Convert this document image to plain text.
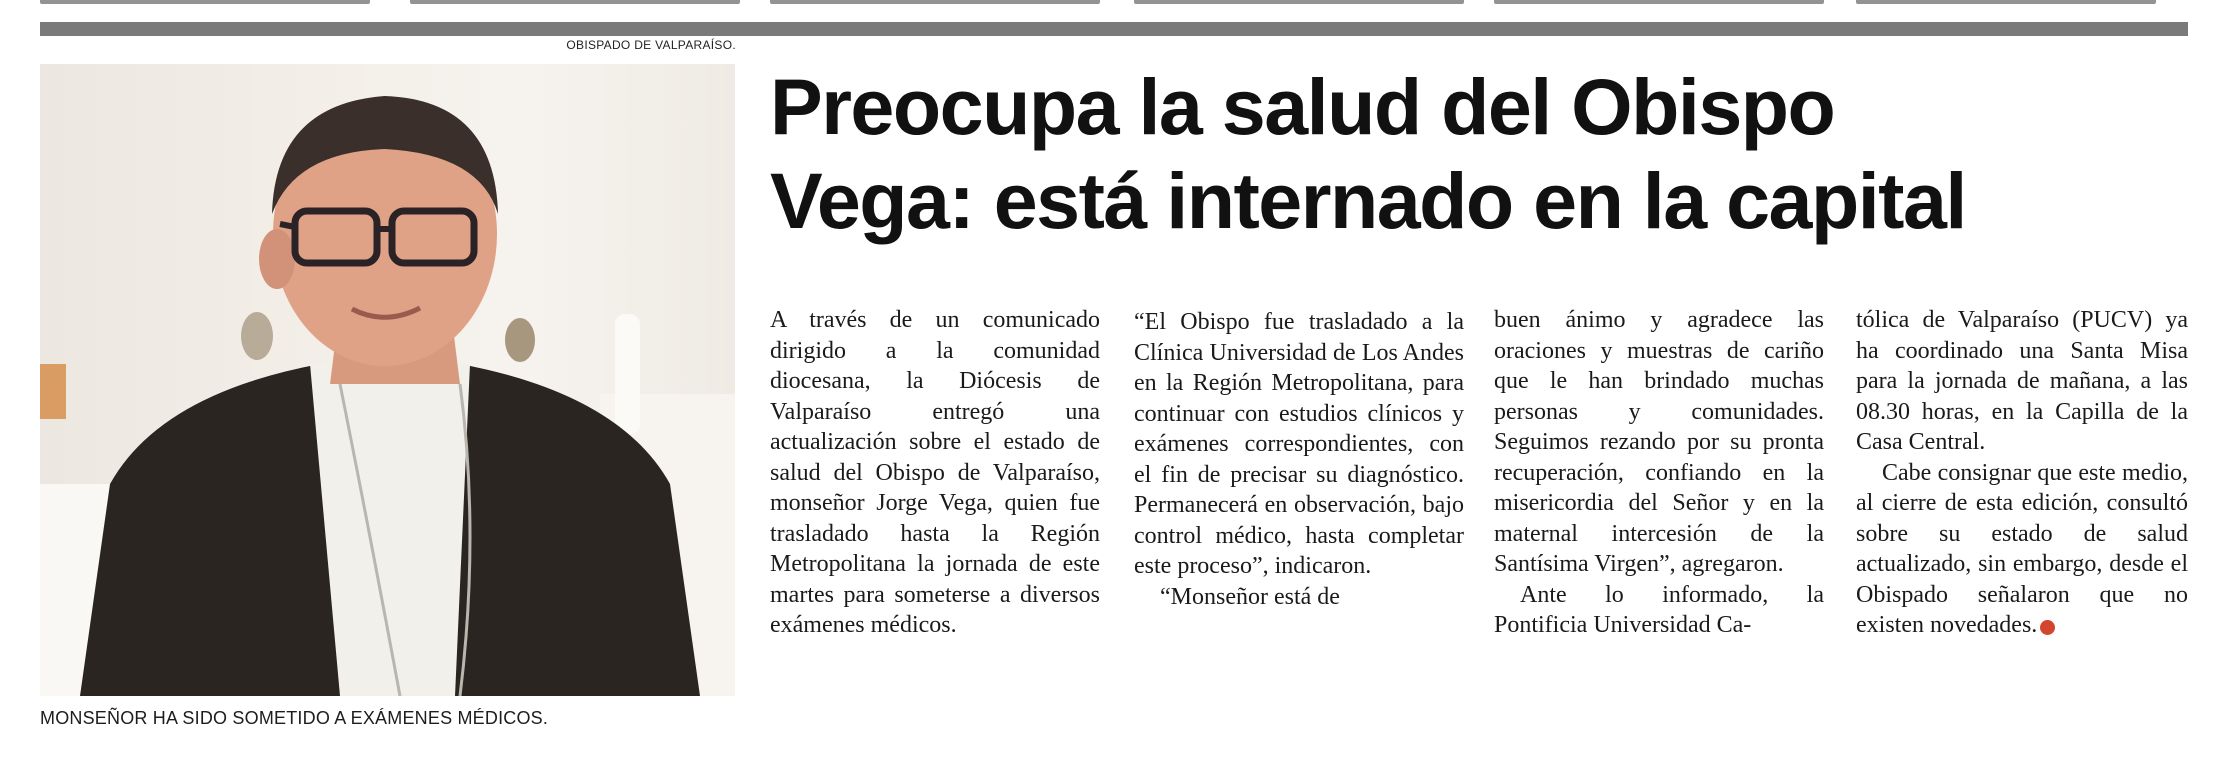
OBISPADO DE VALPARAÍSO.
MONSEÑOR HA SIDO SOMETIDO A EXÁMENES MÉDICOS.
Preocupa la salud del Obispo
Vega: está internado en la capital

A través de un comunicado dirigido a la comunidad diocesana, la Diócesis de Valparaíso entregó una actualización sobre el estado de salud del Obispo de Valparaíso, monseñor Jorge Vega, quien fue trasladado hasta la Región Metropolitana la jornada de este martes para someterse a diversos exámenes médicos.

“El Obispo fue trasladado a la Clínica Universidad de Los Andes en la Región Metropolitana, para continuar con estudios clínicos y exámenes correspondientes, con el fin de precisar su diagnóstico. Permanecerá en observación, bajo control médico, hasta completar este proceso”, indicaron.

“Monseñor está de

buen ánimo y agradece las oraciones y muestras de cariño que le han brindado muchas personas y comunidades. Seguimos rezando por su pronta recuperación, confiando en la misericordia del Señor y en la maternal intercesión de la Santísima Virgen”, agregaron.

Ante lo informado, la Pontificia Universidad Ca-

tólica de Valparaíso (PUCV) ya ha coordinado una Santa Misa para la jornada de mañana, a las 08.30 horas, en la Capilla de la Casa Central.

Cabe consignar que este medio, al cierre de esta edición, consultó sobre su estado de salud actualizado, sin embargo, desde el Obispado señalaron que no existen novedades.	✪
